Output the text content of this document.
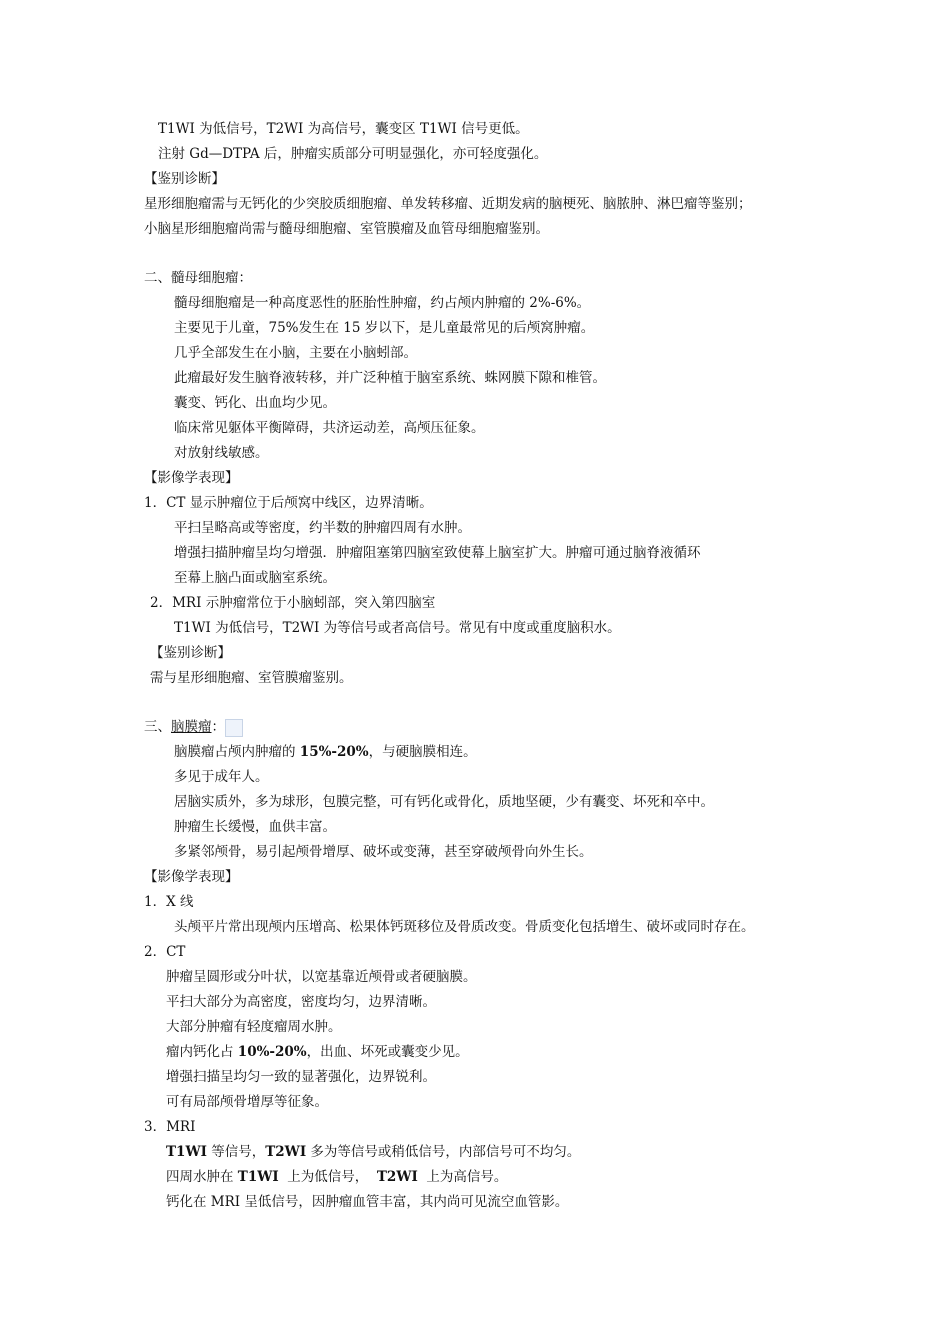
T1WI 为低信号，T2WI 为高信号，囊变区 T1WI 信号更低。
注射 Gd—DTPA 后，肿瘤实质部分可明显强化，亦可轻度强化。
【鉴别诊断】
星形细胞瘤需与无钙化的少突胶质细胞瘤、单发转移瘤、近期发病的脑梗死、脑脓肿、淋巴瘤等鉴别；
小脑星形细胞瘤尚需与髓母细胞瘤、室管膜瘤及血管母细胞瘤鉴别。
二、髓母细胞瘤：
髓母细胞瘤是一种高度恶性的胚胎性肿瘤，约占颅内肿瘤的 2%-6%。
主要见于儿童，75%发生在 15 岁以下，是儿童最常见的后颅窝肿瘤。
几乎全部发生在小脑，主要在小脑蚓部。
此瘤最好发生脑脊液转移，并广泛种植于脑室系统、蛛网膜下隙和椎管。
囊变、钙化、出血均少见。
临床常见躯体平衡障碍，共济运动差，高颅压征象。
对放射线敏感。
【影像学表现】
1．CT 显示肿瘤位于后颅窝中线区，边界清晰。
平扫呈略高或等密度，约半数的肿瘤四周有水肿。
增强扫描肿瘤呈均匀增强．肿瘤阻塞第四脑室致使幕上脑室扩大。肿瘤可通过脑脊液循环
至幕上脑凸面或脑室系统。
2．MRI 示肿瘤常位于小脑蚓部，突入第四脑室
T1WI 为低信号，T2WI 为等信号或者高信号。常见有中度或重度脑积水。
【鉴别诊断】
需与星形细胞瘤、室管膜瘤鉴别。
三、脑膜瘤：
脑膜瘤占颅内肿瘤的 15%-20%，与硬脑膜相连。
多见于成年人。
居脑实质外，多为球形，包膜完整，可有钙化或骨化，质地坚硬，少有囊变、坏死和卒中。
肿瘤生长缓慢，血供丰富。
多紧邻颅骨，易引起颅骨增厚、破坏或变薄，甚至穿破颅骨向外生长。
【影像学表现】
1．X 线
头颅平片常出现颅内压增高、松果体钙斑移位及骨质改变。骨质变化包括增生、破坏或同时存在。
2．CT
肿瘤呈圆形或分叶状，以宽基靠近颅骨或者硬脑膜。
平扫大部分为高密度，密度均匀，边界清晰。
大部分肿瘤有轻度瘤周水肿。
瘤内钙化占 10%-20%，出血、坏死或囊变少见。
增强扫描呈均匀一致的显著强化，边界锐利。
可有局部颅骨增厚等征象。
3．MRI
T1WI 等信号，T2WI 多为等信号或稍低信号，内部信号可不均匀。
四周水肿在 T1WI  上为低信号，  T2WI  上为高信号。
钙化在 MRI 呈低信号，因肿瘤血管丰富，其内尚可见流空血管影。
